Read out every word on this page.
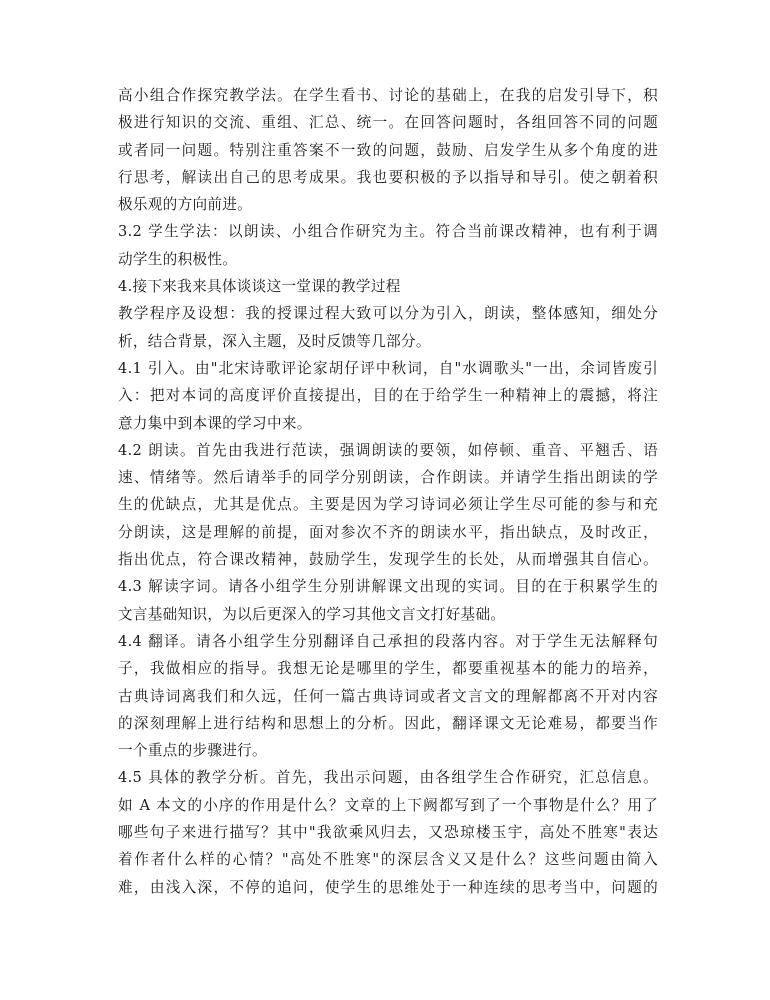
高小组合作探究教学法。在学生看书、讨论的基础上，在我的启发引导下，积
极进行知识的交流、重组、汇总、统一。在回答问题时，各组回答不同的问题
或者同一问题。特别注重答案不一致的问题，鼓励、启发学生从多个角度的进
行思考，解读出自己的思考成果。我也要积极的予以指导和导引。使之朝着积
极乐观的方向前进。
3.2 学生学法：以朗读、小组合作研究为主。符合当前课改精神，也有利于调
动学生的积极性。
4.接下来我来具体谈谈这一堂课的教学过程
教学程序及设想：我的授课过程大致可以分为引入，朗读，整体感知，细处分
析，结合背景，深入主题，及时反馈等几部分。
4.1 引入。由"北宋诗歌评论家胡仔评中秋词，自"水调歌头"一出，余词皆废引
入：把对本词的高度评价直接提出，目的在于给学生一种精神上的震撼，将注
意力集中到本课的学习中来。
4.2 朗读。首先由我进行范读，强调朗读的要领，如停顿、重音、平翘舌、语
速、情绪等。然后请举手的同学分别朗读，合作朗读。并请学生指出朗读的学
生的优缺点，尤其是优点。主要是因为学习诗词必须让学生尽可能的参与和充
分朗读，这是理解的前提，面对参次不齐的朗读水平，指出缺点，及时改正，
指出优点，符合课改精神，鼓励学生，发现学生的长处，从而增强其自信心。
4.3 解读字词。请各小组学生分别讲解课文出现的实词。目的在于积累学生的
文言基础知识，为以后更深入的学习其他文言文打好基础。
4.4 翻译。请各小组学生分别翻译自己承担的段落内容。对于学生无法解释句
子，我做相应的指导。我想无论是哪里的学生，都要重视基本的能力的培养，
古典诗词离我们和久远，任何一篇古典诗词或者文言文的理解都离不开对内容
的深刻理解上进行结构和思想上的分析。因此，翻译课文无论难易，都要当作
一个重点的步骤进行。
4.5 具体的教学分析。首先，我出示问题，由各组学生合作研究，汇总信息。
如 A 本文的小序的作用是什么？文章的上下阙都写到了一个事物是什么？用了
哪些句子来进行描写？其中"我欲乘风归去，又恐琼楼玉宇，高处不胜寒"表达
着作者什么样的心情？"高处不胜寒"的深层含义又是什么？这些问题由简入
难，由浅入深，不停的追问，使学生的思维处于一种连续的思考当中，问题的
